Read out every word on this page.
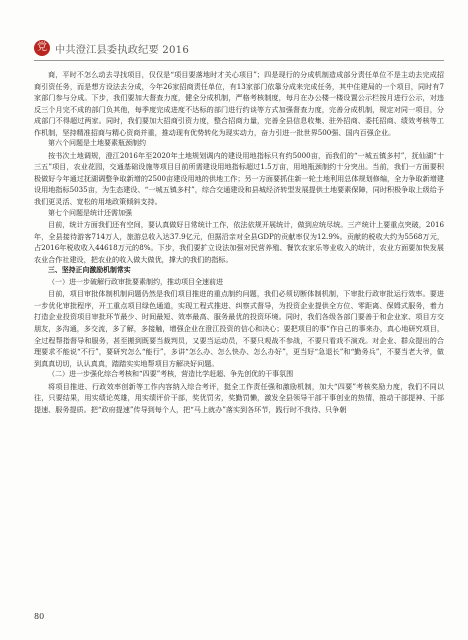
党 中共澄江县委执政纪要 2016

商，平时不怎么动去寻找项目，仅仅是“项目要落地时才关心项目”；四是现行的分成机制造成部分责任单位不是主动去完成招商引资任务，而是想方设法去分成，今年26家招商责任单位，有13家部门依靠分成来完成任务，其中住建局的一个项目，同时有7家部门参与分成。下步，我们要加大督查力度，健全分成机制，严格考核制度，每月在办公楼一楼设置公示栏按月进行公示，对违反三个月完不成的部门负其他，每季度完成进度不达标的部门进行约谈等方式加强督查力度，完善分成机制，规定对同一项目，分成部门不得超过两家。同时，我们要加大招商引资力度，整合招商力量，完善全县信息收集、驻外招商、委托招商、绩效考核等工作机制，坚持精准招商与精心资商并重，推动现有优势转化为现实动力，奋力引进一批世界500强、国内百强企业。

第六个问题是土地要素瓶颈制约

按书次土地调规，澄江2016年至2020年土地规划调内的建设用地指标只有约5000亩，而我们的“一城五镇多村”，抚仙湖“十三五”项目，农业花园，交通基础设施等项目目前所需建设用地指标超过1.5万亩，用地瓶颈制约十分突出。当前，我们一方面要积极做好今年通过抚湖调整争取新增的2500亩建设用地的供地工作；另一方面要抓住新一轮土地利用总体规划修编，全力争取新增建设用地指标5035亩，为生态建设、“一城五镇多村”，综合交通建设和县城经济转型发展提供土地要素保障，同时积极争取上级给予我们更灵活、宽松的用地政策倾斜支持。

第七个问题是统计还需加强

目前，统计方面我们还有空间，要认真做好日常统计工作，依法依规开展统计，做到应统尽统。三产统计上要重点突破，2016年，全县接待游客714万人，旅游总收入达37.9亿元，但据沿亲对全县GDP的贡献率仅为12.9%。贡献的税收大约为5568万元，占2016年税收收入44618万元的8%。下步，我们要扩立设法加强对民营养殖、餐饮农家乐等业收入的统计，农业方面要加快发展农业合作社建设，把农业的收入做大做优，撑大的我们的指标。

三、坚持正向激励机制常实

（一）进一步破解行政审批要素制约，推动项目全速前进

目前，项目审批体制机制问题仍然是我们项目推进的重点制约问题，我们必须切断体制机制，下审批行政审批运行效率。要进一步优化审批程序，开工重点项目绿色通道，实现工程式推进、纠察式督导，为投资企业提供全方位、零距离、保姆式服务，着力打造企业投资项目审批环节最少、时间最短、效率最高、服务最优的投资环境。同时，我们各级各部门要善于和企业家、项目方交朋友，多沟通，多交流，多了解，多接触，增强企业在澄江投资的信心和决心；要把项目的事“作自己的事来办，真心地研究项目，全过程帮指督导和服务，甚至搬到既要当裁判员，又要当运动员，不要只观战不参战，不要只看戏不演戏。对企业、群众提出的合理要求不能说“不行”，要研究怎么“能行”，多讲“怎么办、怎么快办、怎么办好”，更当好“急退长”和“勤务兵”，不要当老大爷，做到真真切切，认认真真，踏踏实实地帮项目方解决好问题。

（二）进一步强化综合考核和“四要”考核，营造比学赶超、争先创优的干事氛围

将项目推进、行政效率创新等工作内容纳入综合考评，挺全工作责任强和激励机制，加大“四要”考核奖励力度，我们不同以往，只要结果，用实绩论英雄，用实绩评价干部，奖优罚劣，奖勤罚懒，激发全县领导干部干事创业的热情，推动干部提神、干部提速、服务提质。把“政府提速”传导到每个人，把“马上就办”落实到各环节，践行时不我待、只争朝

80
